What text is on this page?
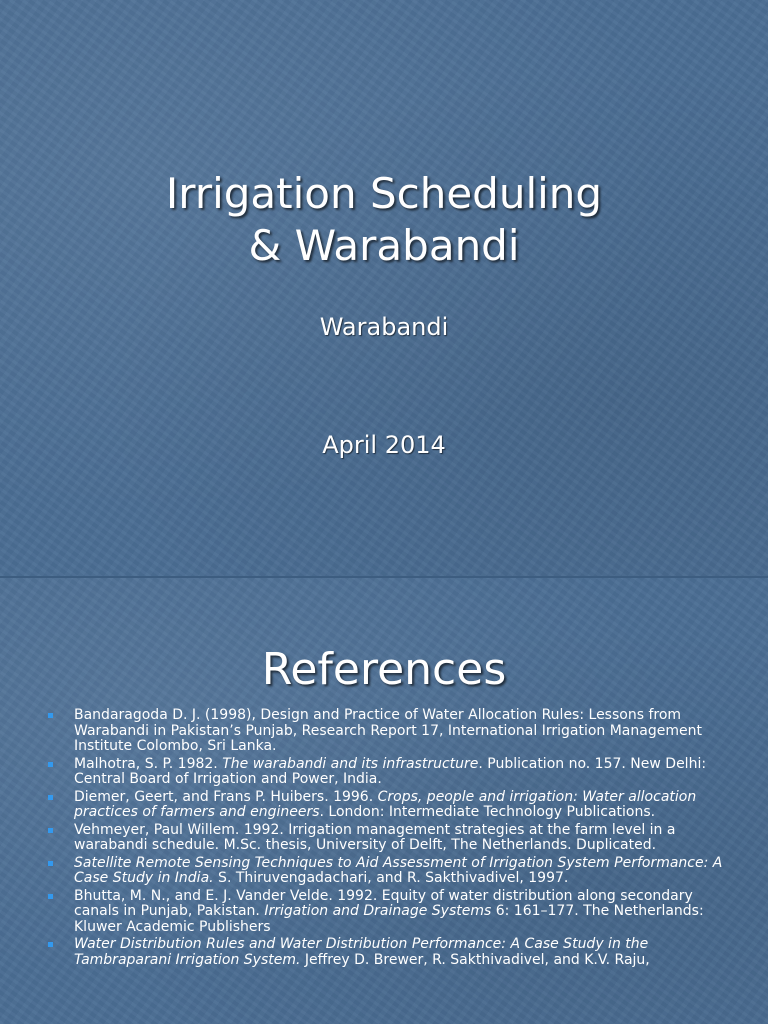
Irrigation Scheduling
& Warabandi
Warabandi
April 2014
References
Bandaragoda D. J. (1998), Design and Practice of Water Allocation Rules: Lessons from Warabandi in Pakistan’s Punjab, Research Report 17, International Irrigation Management Institute Colombo, Sri Lanka.
Malhotra, S. P. 1982. The warabandi and its infrastructure. Publication no. 157. New Delhi: Central Board of Irrigation and Power, India.
Diemer, Geert, and Frans P. Huibers. 1996. Crops, people and irrigation: Water allocation practices of farmers and engineers. London: Intermediate Technology Publications.
Vehmeyer, Paul Willem. 1992. Irrigation management strategies at the farm level in a warabandi schedule. M.Sc. thesis, University of Delft, The Netherlands. Duplicated.
Satellite Remote Sensing Techniques to Aid Assessment of Irrigation System Performance: A Case Study in India. S. Thiruvengadachari, and R. Sakthivadivel, 1997.
Bhutta, M. N., and E. J. Vander Velde. 1992. Equity of water distribution along secondary canals in Punjab, Pakistan. Irrigation and Drainage Systems 6: 161–177. The Netherlands: Kluwer Academic Publishers
Water Distribution Rules and Water Distribution Performance: A Case Study in the Tambraparani Irrigation System. Jeffrey D. Brewer, R. Sakthivadivel, and K.V. Raju,
